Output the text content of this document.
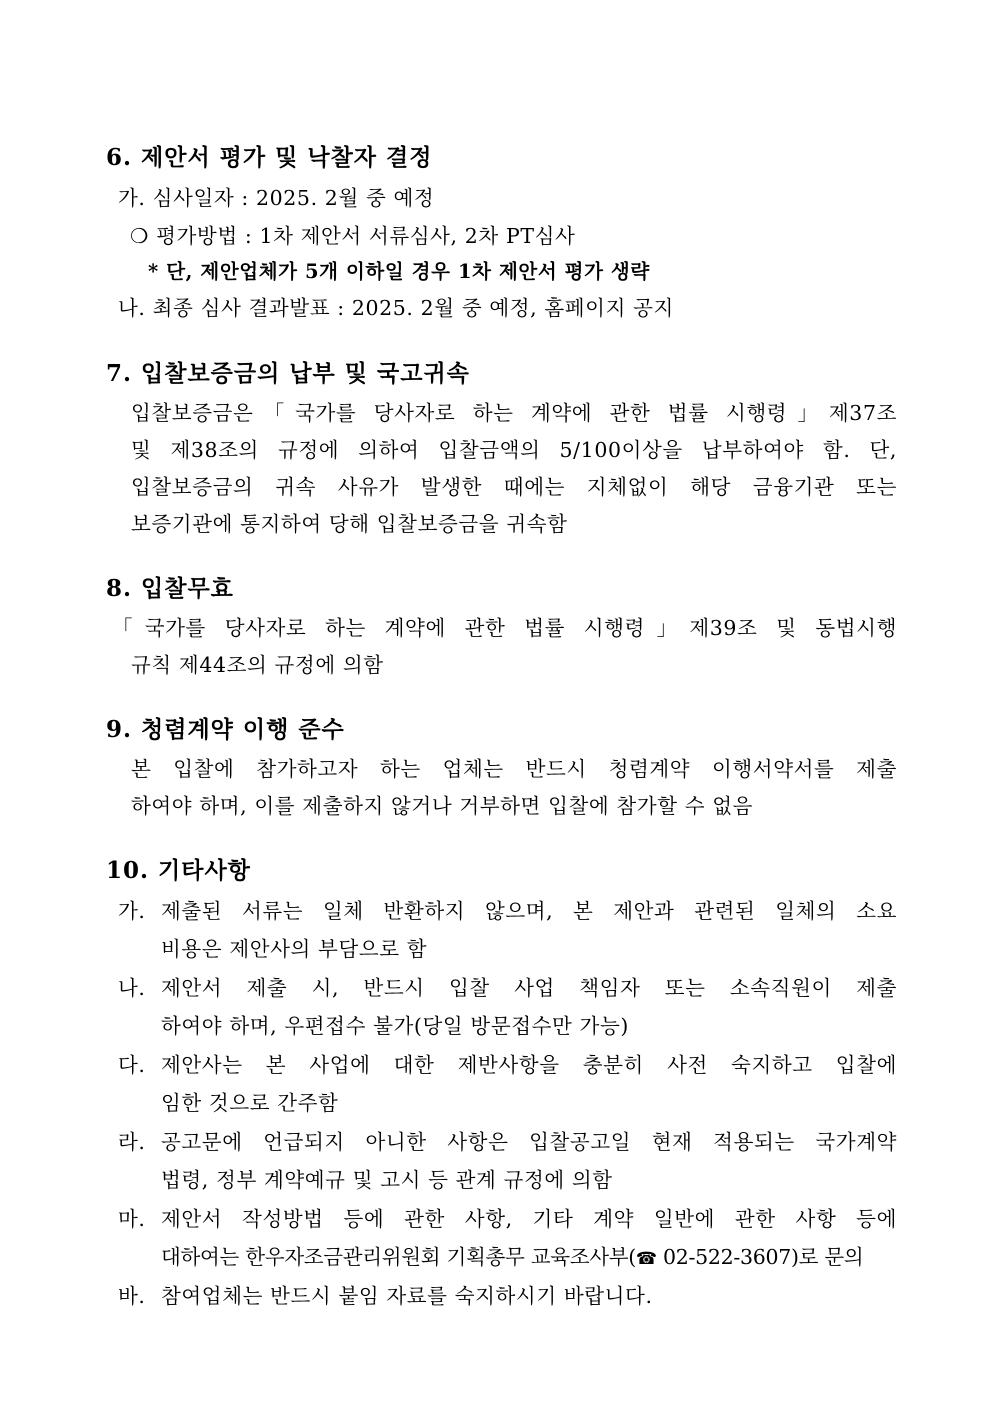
6. 제안서 평가 및 낙찰자 결정
가. 심사일자 : 2025. 2월 중 예정
❍ 평가방법 : 1차 제안서 서류심사, 2차 PT심사
* 단, 제안업체가 5개 이하일 경우 1차 제안서 평가 생략
나. 최종 심사 결과발표 : 2025. 2월 중 예정, 홈페이지 공지
7. 입찰보증금의 납부 및 국고귀속
입찰보증금은「국가를 당사자로 하는 계약에 관한 법률 시행령」제37조
및 제38조의 규정에 의하여 입찰금액의 5/100이상을 납부하여야 함. 단,
입찰보증금의 귀속 사유가 발생한 때에는 지체없이 해당 금융기관 또는
보증기관에 통지하여 당해 입찰보증금을 귀속함
8. 입찰무효
「국가를 당사자로 하는 계약에 관한 법률 시행령」제39조 및 동법시행
규칙 제44조의 규정에 의함
9. 청렴계약 이행 준수
본 입찰에 참가하고자 하는 업체는 반드시 청렴계약 이행서약서를 제출
하여야 하며, 이를 제출하지 않거나 거부하면 입찰에 참가할 수 없음
10. 기타사항
가. 제출된 서류는 일체 반환하지 않으며, 본 제안과 관련된 일체의 소요
비용은 제안사의 부담으로 함
나. 제안서 제출 시, 반드시 입찰 사업 책임자 또는 소속직원이 제출
하여야 하며, 우편접수 불가(당일 방문접수만 가능)
다. 제안사는 본 사업에 대한 제반사항을 충분히 사전 숙지하고 입찰에
임한 것으로 간주함
라. 공고문에 언급되지 아니한 사항은 입찰공고일 현재 적용되는 국가계약
법령, 정부 계약예규 및 고시 등 관계 규정에 의함
마. 제안서 작성방법 등에 관한 사항, 기타 계약 일반에 관한 사항 등에
대하여는 한우자조금관리위원회 기획총무 교육조사부(☎ 02-522-3607)로 문의
바. 참여업체는 반드시 붙임 자료를 숙지하시기 바랍니다.
